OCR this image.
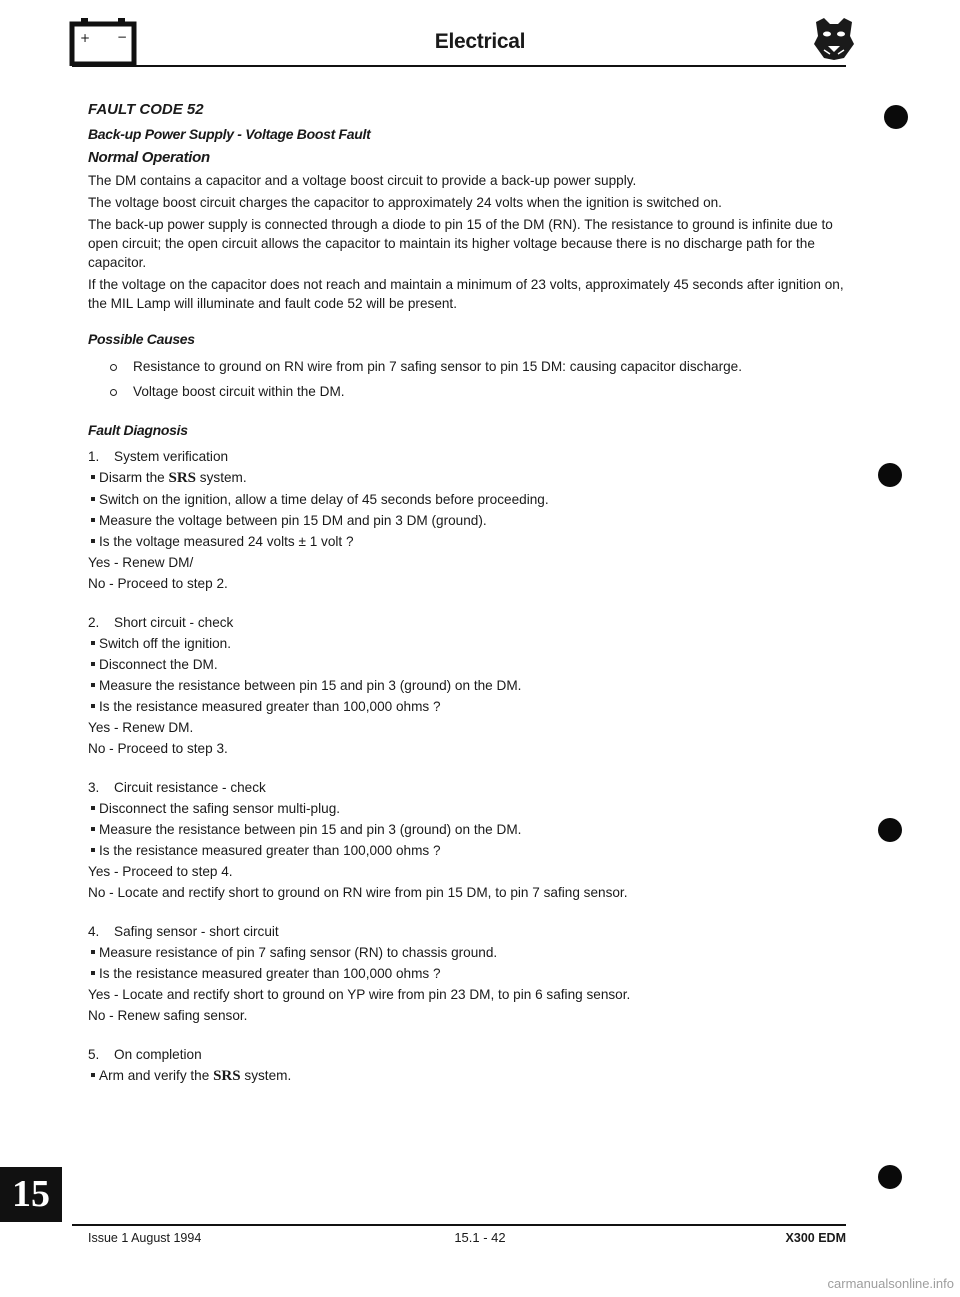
+ −	Electrical
FAULT CODE 52
Back-up Power Supply - Voltage Boost Fault
Normal Operation

The DM contains a capacitor and a voltage boost circuit to provide a back-up power supply.

The voltage boost circuit charges the capacitor to approximately 24 volts when the ignition is switched on.

The back-up power supply is connected through a diode to pin 15 of the DM (RN). The resistance to ground is infinite due to open circuit; the open circuit allows the capacitor to maintain its higher voltage because there is no discharge path for the capacitor.

If the voltage on the capacitor does not reach and maintain a minimum of 23 volts, approximately 45 seconds after ignition on, the MIL Lamp will illuminate and fault code 52 will be present.

Possible Causes
Resistance to ground on RN wire from pin 7 safing sensor to pin 15 DM: causing capacitor discharge.
Voltage boost circuit within the DM.
Fault Diagnosis
1. System verification
Disarm the SRS system.
Switch on the ignition, allow a time delay of 45 seconds before proceeding.
Measure the voltage between pin 15 DM and pin 3 DM (ground).
Is the voltage measured 24 volts ± 1 volt ?
Yes - Renew DM/
No - Proceed to step 2.
2. Short circuit - check
Switch off the ignition.
Disconnect the DM.
Measure the resistance between pin 15 and pin 3 (ground) on the DM.
Is the resistance measured greater than 100,000 ohms ?
Yes - Renew DM.
No - Proceed to step 3.
3. Circuit resistance - check
Disconnect the safing sensor multi-plug.
Measure the resistance between pin 15 and pin 3 (ground) on the DM.
Is the resistance measured greater than 100,000 ohms ?
Yes - Proceed to step 4.
No - Locate and rectify short to ground on RN wire from pin 15 DM, to pin 7 safing sensor.
4. Safing sensor - short circuit
Measure resistance of pin 7 safing sensor (RN) to chassis ground.
Is the resistance measured greater than 100,000 ohms ?
Yes - Locate and rectify short to ground on YP wire from pin 23 DM, to pin 6 safing sensor.
No - Renew safing sensor.
5. On completion
Arm and verify the SRS system.
15
Issue 1 August 1994	15.1 - 42	X300 EDM
carmanualsonline.info
